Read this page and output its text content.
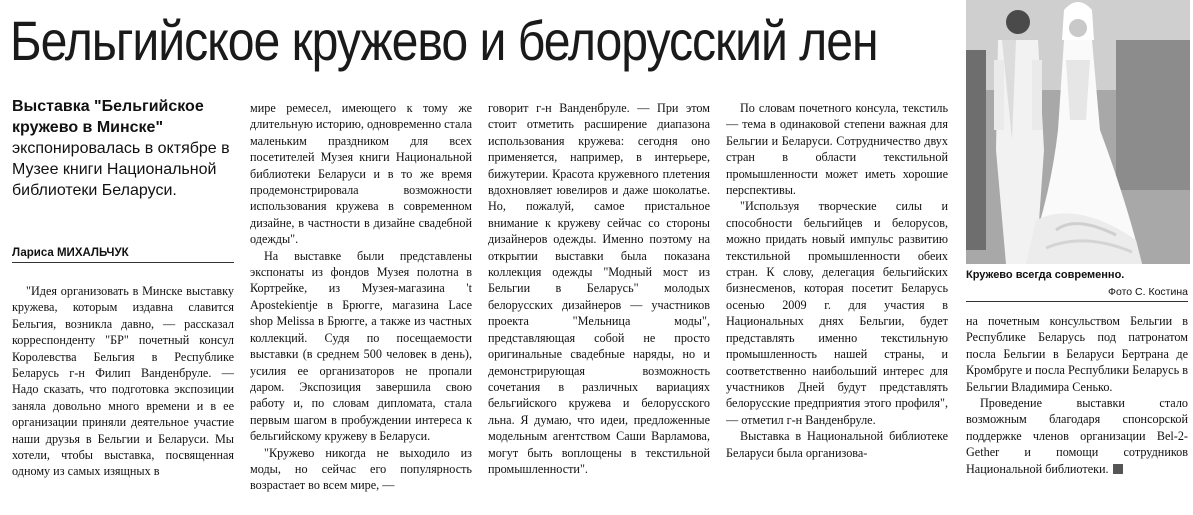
Бельгийское кружево и белорусский лен
Выставка "Бельгийское кружево в Минске"
экспонировалась в октябре в Музее книги Национальной библиотеки Беларуси.
Лариса МИХАЛЬЧУК

"Идея организовать в Минске выставку кружева, которым издавна славится Бельгия, возникла давно, — рассказал корреспонденту "БР" почетный консул Королевства Бельгия в Республике Беларусь г-н Филип Ванденбруле. — Надо сказать, что подготовка экспозиции заняла довольно много времени и в ее организации приняли деятельное участие наши друзья в Бельгии и Беларуси. Мы хотели, чтобы выставка, посвященная одному из самых изящных в

мире ремесел, имеющего к тому же длительную историю, одновременно стала маленьким праздником для всех посетителей Музея книги Национальной библиотеки Беларуси и в то же время продемонстрировала возможности использования кружева в современном дизайне, в частности в дизайне свадебной одежды".

На выставке были представлены экспонаты из фондов Музея полотна в Кортрейке, из Музея-магазина 't Apostekientje в Брюгге, магазина Lace shop Melissa в Брюгге, а также из частных коллекций. Судя по посещаемости выставки (в среднем 500 человек в день), усилия ее организаторов не пропали даром. Экспозиция завершила свою работу и, по словам дипломата, стала первым шагом в пробуждении интереса к бельгийскому кружеву в Беларуси.

"Кружево никогда не выходило из моды, но сейчас его популярность возрастает во всем мире, —

говорит г-н Ванденбруле. — При этом стоит отметить расширение диапазона использования кружева: сегодня оно применяется, например, в интерьере, бижутерии. Красота кружевного плетения вдохновляет ювелиров и даже шоколатье. Но, пожалуй, самое пристальное внимание к кружеву сейчас со стороны дизайнеров одежды. Именно поэтому на открытии выставки была показана коллекция одежды "Модный мост из Бельгии в Беларусь" молодых белорусских дизайнеров — участников проекта "Мельница моды", представляющая собой не просто оригинальные свадебные наряды, но и демонстрирующая возможность сочетания в различных вариациях бельгийского кружева и белорусского льна. Я думаю, что идеи, предложенные модельным агентством Саши Варламова, могут быть воплощены в текстильной промышленности".

По словам почетного консула, текстиль — тема в одинаковой степени важная для Бельгии и Беларуси. Сотрудничество двух стран в области текстильной промышленности может иметь хорошие перспективы.

"Используя творческие силы и способности бельгийцев и белорусов, можно придать новый импульс развитию текстильной промышленности обеих стран. К слову, делегация бельгийских бизнесменов, которая посетит Беларусь осенью 2009 г. для участия в Национальных днях Бельгии, будет представлять именно текстильную промышленность нашей страны, и соответственно наибольший интерес для участников Дней будут представлять белорусские предприятия этого профиля", — отметил г-н Ванденбруле.

Выставка в Национальной библиотеке Беларуси была организова-

Кружево всегда современно.
Фото С. Костина

на почетным консульством Бельгии в Республике Беларусь под патронатом посла Бельгии в Беларуси Бертрана де Кромбруге и посла Республики Беларусь в Бельгии Владимира Сенько.

Проведение выставки стало возможным благодаря спонсорской поддержке членов организации Bel-2-Gether и помощи сотрудников Национальной библиотеки.
